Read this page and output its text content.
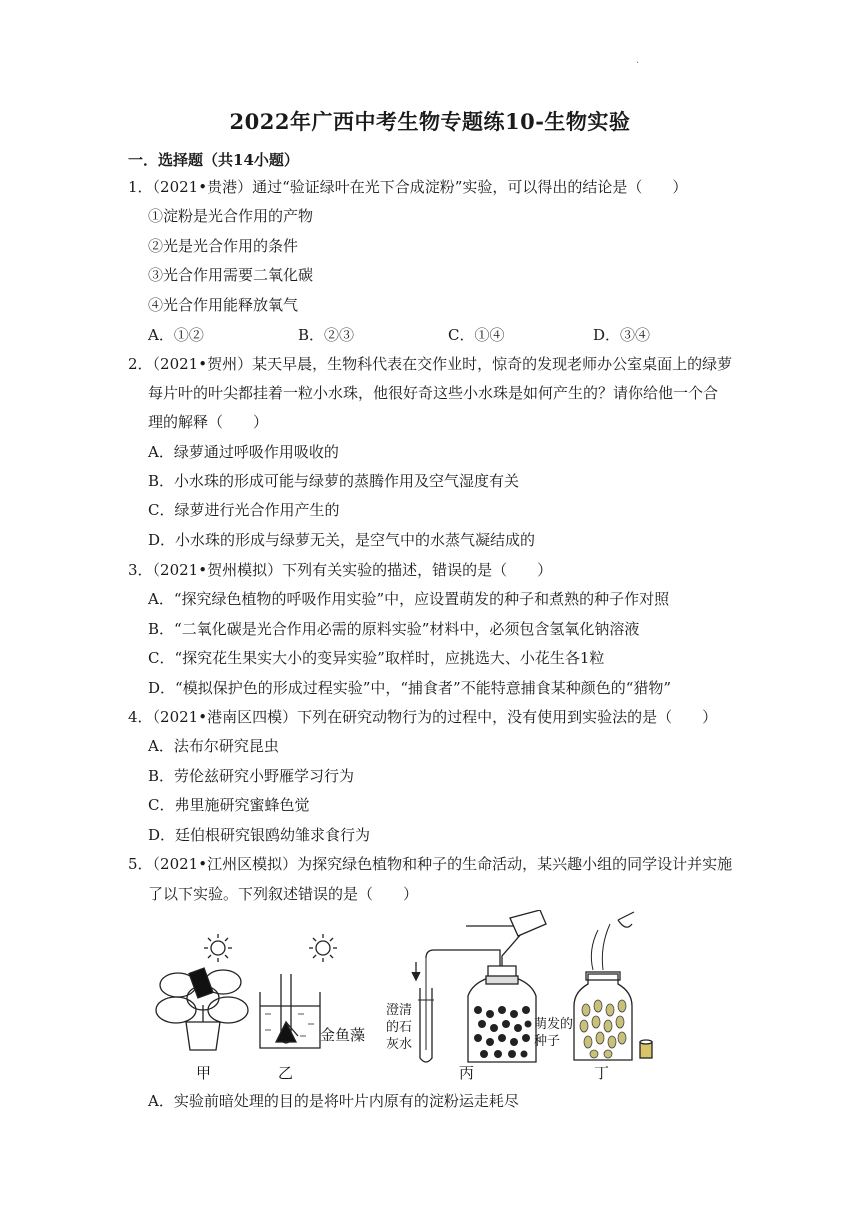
·
2022年广西中考生物专题练10-生物实验
一．选择题（共14小题）
1．（2021•贵港）通过“验证绿叶在光下合成淀粉”实验，可以得出的结论是（　　）
①淀粉是光合作用的产物
②光是光合作用的条件
③光合作用需要二氧化碳
④光合作用能释放氧气
A．①②	B．②③	C．①④	D．③④
2．（2021•贺州）某天早晨，生物科代表在交作业时，惊奇的发现老师办公室桌面上的绿萝
每片叶的叶尖都挂着一粒小水珠，他很好奇这些小水珠是如何产生的？请你给他一个合
理的解释（　　）
A．绿萝通过呼吸作用吸收的
B．小水珠的形成可能与绿萝的蒸腾作用及空气湿度有关
C．绿萝进行光合作用产生的
D．小水珠的形成与绿萝无关，是空气中的水蒸气凝结成的
3．（2021•贺州模拟）下列有关实验的描述，错误的是（　　）
A．“探究绿色植物的呼吸作用实验”中，应设置萌发的种子和煮熟的种子作对照
B．“二氧化碳是光合作用必需的原料实验”材料中，必须包含氢氧化钠溶液
C．“探究花生果实大小的变异实验”取样时，应挑选大、小花生各1粒
D．“模拟保护色的形成过程实验”中，“捕食者”不能特意捕食某种颜色的“猎物”
4．（2021•港南区四模）下列在研究动物行为的过程中，没有使用到实验法的是（　　）
A．法布尔研究昆虫
B．劳伦兹研究小野雁学习行为
C．弗里施研究蜜蜂色觉
D．廷伯根研究银鸥幼雏求食行为
5．（2021•江州区模拟）为探究绿色植物和种子的生命活动，某兴趣小组的同学设计并实施
了以下实验。下列叙述错误的是（　　）
金鱼藻
澄清
的石
灰水
萌发的
种子
甲	乙	丙	丁
A．实验前暗处理的目的是将叶片内原有的淀粉运走耗尽
